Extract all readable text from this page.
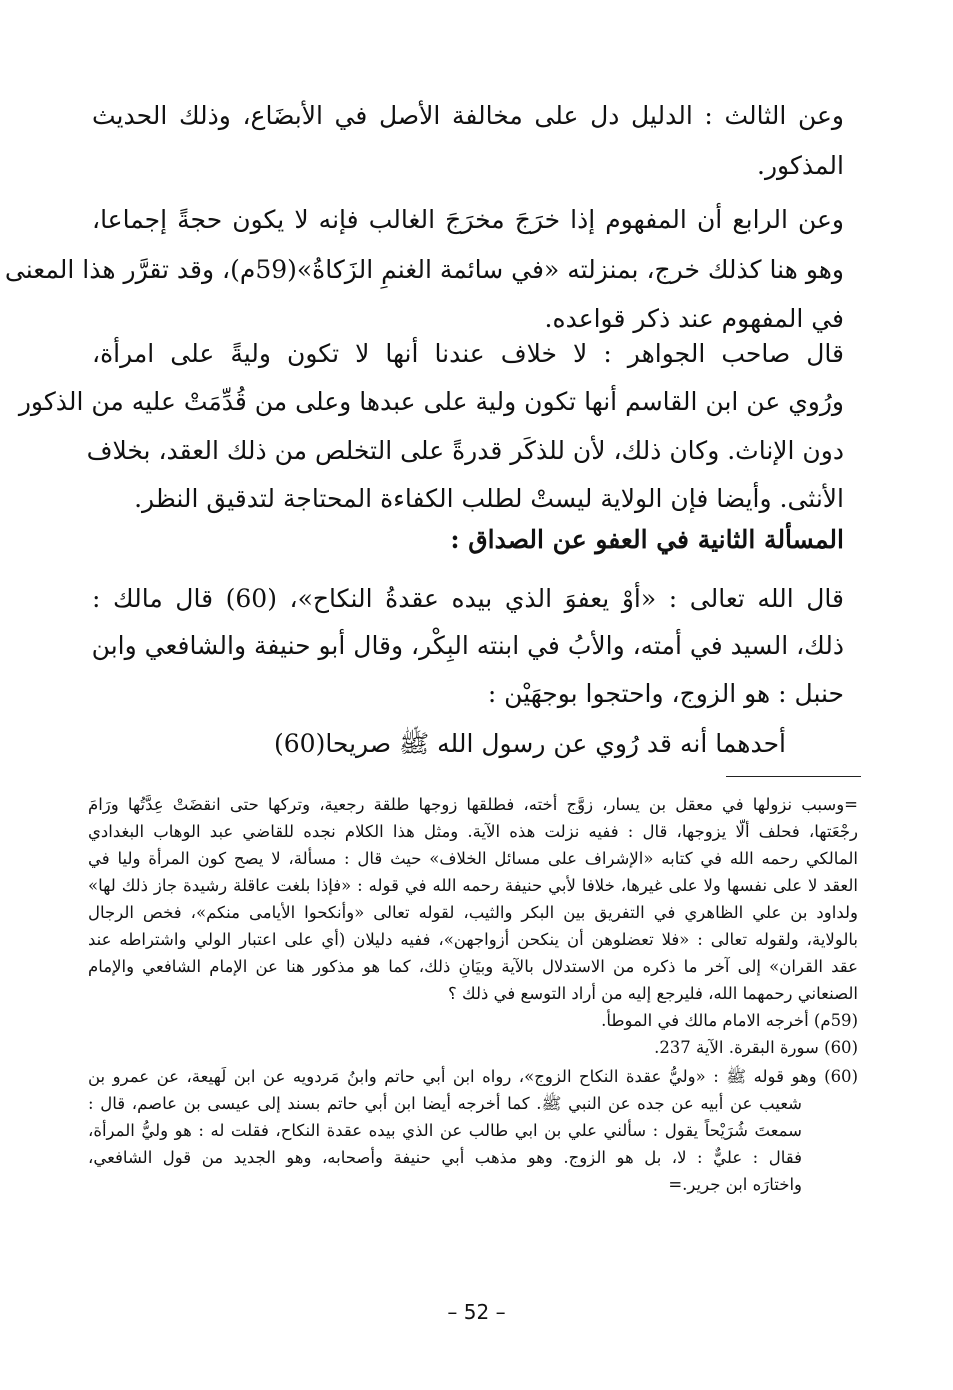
وعن الثالث : الدليل دل على مخالفة الأصل في الأبضَاع، وذلك الحديث
المذكور.
وعن الرابع أن المفهوم إذا خرَجَ مخرَجَ الغالب فإنه لا يكون حجةً إجماعا،
وهو هنا كذلك خرج، بمنزلته «في سائمة الغنمِ الزَكاةُ»(59م)، وقد تقرَّر هذا المعنى
في المفهوم عند ذكر قواعده.
قال صاحب الجواهر : لا خلاف عندنا أنها لا تكون وليةً على امرأة،
ورُوي عن ابن القاسم أنها تكون ولية على عبدها وعلى من قُدِّمَتْ عليه من الذكور
دون الإناث. وكان ذلك، لأن للذكَر قدرةً على التخلص من ذلك العقد، بخلاف
الأنثى. وأيضا فإن الولاية ليستْ لطلب الكفاءة المحتاجة لتدقيق النظر.
المسألة الثانية في العفو عن الصداق :
قال الله تعالى : «أوْ يعفوَ الذي بيده عقدةُ النكاح»، (60) قال مالك :
ذلك، السيد في أمته، والأبُ في ابنته البِكْر، وقال أبو حنيفة والشافعي وابن
حنبل : هو الزوج، واحتجوا بوجهَيْن :
أحدهما أنه قد رُوي عن رسول الله ﷺ صريحا(60)
=وسبب نزولها في معقل بن يسار، زوَّج أخته، فطلقها زوجها طلقة رجعية، وتركها حتى انقضَتْ عِدَّتُها ورَامَ
رجْعَتها، فحلف ألّا يزوجها، قال : ففيه نزلت هذه الآية. ومثل هذا الكلام نجده للقاضي عبد الوهاب البغدادي
المالكي رحمه الله في كتابه «الإشراف على مسائل الخلاف» حيث قال : مسألة، لا يصح كون المرأة وليا في
العقد لا على نفسها ولا على غيرها، خلافا لأبي حنيفة رحمه الله في قوله : «فإذا بلغت عاقلة رشيدة جاز ذلك لها»
ولداود بن علي الظاهري في التفريق بين البكر والثيب، لقوله تعالى «وأنكحوا الأيامى منكم»، فخص الرجال
بالولاية، ولقوله تعالى : «فلا تعضلوهن أن ينكحن أزواجهن»، ففيه دليلان (أي على اعتبار الولي واشتراطه عند
عقد القران» إلى آخر ما ذكره من الاستدلال بالآية وبيَانِ ذلك، كما هو مذكور هنا عن الإمام الشافعي والإمام
الصنعاني رحمهما الله، فليرجع إليه من أراد التوسع في ذلك ؟
(59م) أخرجه الامام مالك في الموطأ.
(60) سورة البقرة. الآية 237.
(60) وهو قوله ﷺ : «وليُّ عقدة النكاح الزوج»، رواه ابن أبي حاتم وابنُ مَردويه عن ابن لَهيعة، عن عمرو بن
شعيب عن أبيه عن جده عن النبي ﷺ. كما أخرجه أيضا ابن أبي حاتم بسند إلى عيسى بن عاصم، قال :
سمعتَ شُرَيْحاً يقول : سألني علي بن ابي طالب عن الذي بيده عقدة النكاح، فقلت له : هو وليُّ المرأة،
فقال : عليٌّ : لا، بل هو الزوج. وهو مذهب أبي حنيفة وأصحابه، وهو الجديد من قول الشافعي،
واختارَه ابن جرير.=
– 52 –
